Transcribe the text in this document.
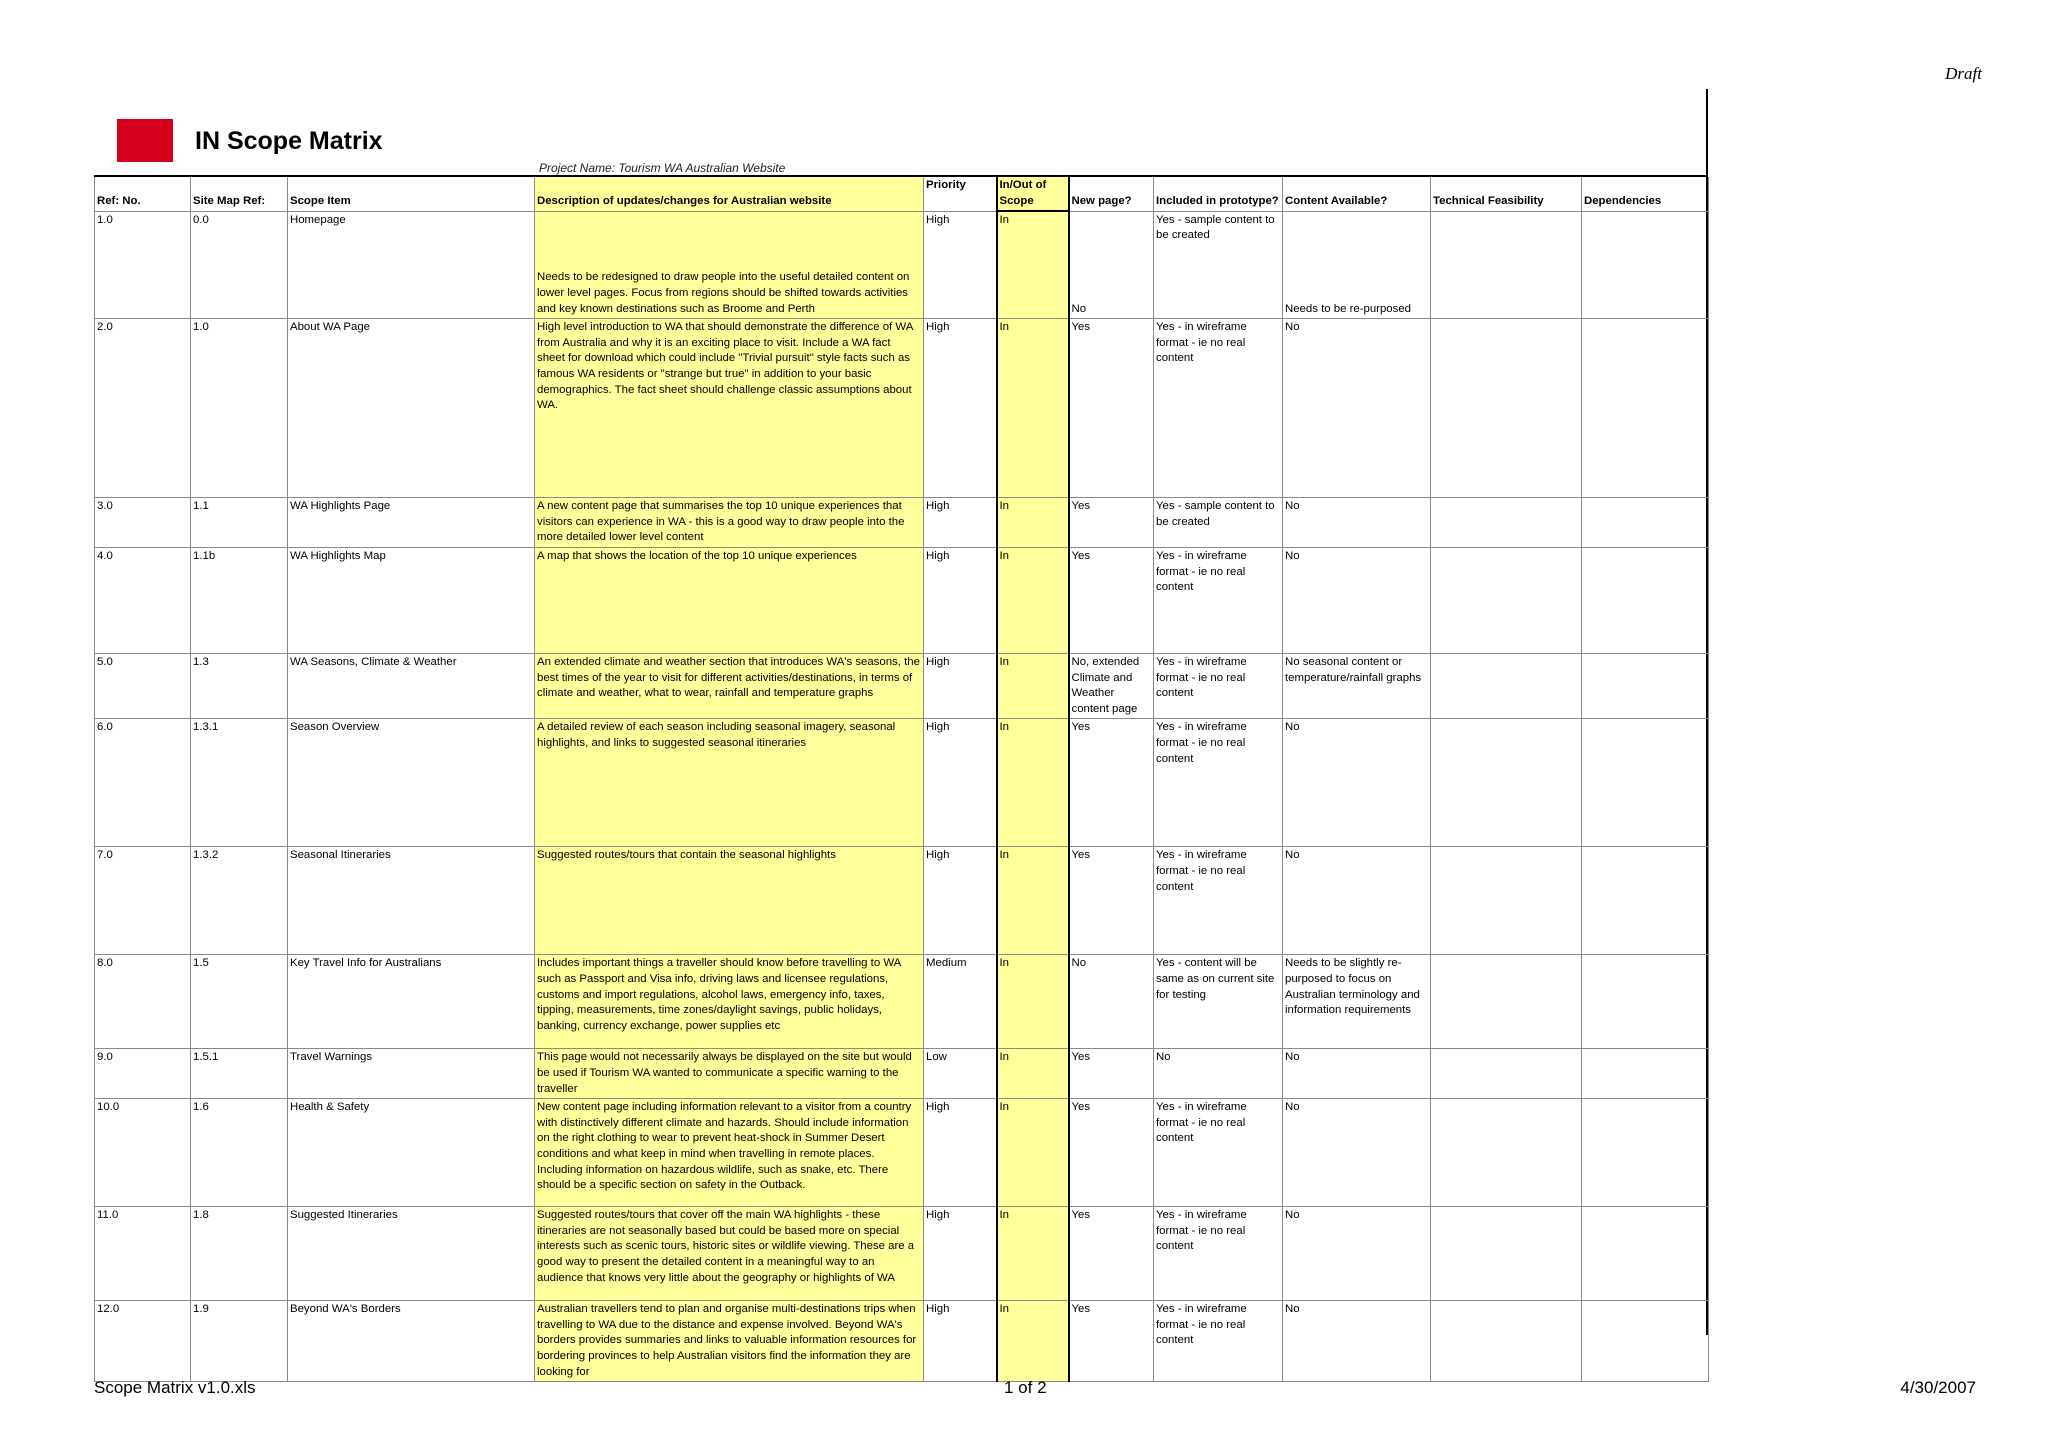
Draft
IN Scope Matrix
Project Name: Tourism WA Australian Website
Ref: No.	Site Map Ref:	Scope Item	Description of updates/changes for Australian website	Priority	In/Out of Scope	New page?	Included in prototype?	Content Available?	Technical Feasibility	Dependencies
1.0	0.0	Homepage	Needs to be redesigned to draw people into the useful detailed content on lower level pages. Focus from regions should be shifted towards activities and key known destinations such as Broome and Perth	High	In	No	Yes - sample content to be created	Needs to be re-purposed		
2.0	1.0	About WA Page	High level introduction to WA that should demonstrate the difference of WA from Australia and why it is an exciting place to visit. Include a WA fact sheet for download which could include "Trivial pursuit" style facts such as famous WA residents or "strange but true" in addition to your basic demographics. The fact sheet should challenge classic assumptions about WA.	High	In	Yes	Yes - in wireframe format - ie no real content	No		
3.0	1.1	WA Highlights Page	A new content page that summarises the top 10 unique experiences that visitors can experience in WA - this is a good way to draw people into the more detailed lower level content	High	In	Yes	Yes - sample content to be created	No		
4.0	1.1b	WA Highlights Map	A map that shows the location of the top 10 unique experiences	High	In	Yes	Yes - in wireframe format - ie no real content	No		
5.0	1.3	WA Seasons, Climate & Weather	An extended climate and weather section that introduces WA's seasons, the best times of the year to visit for different activities/destinations, in terms of climate and weather, what to wear, rainfall and temperature graphs	High	In	No, extended Climate and Weather content page	Yes - in wireframe format - ie no real content	No seasonal content or temperature/rainfall graphs		
6.0	1.3.1	Season Overview	A detailed review of each season including seasonal imagery, seasonal highlights, and links to suggested seasonal itineraries	High	In	Yes	Yes - in wireframe format - ie no real content	No		
7.0	1.3.2	Seasonal Itineraries	Suggested routes/tours that contain the seasonal highlights	High	In	Yes	Yes - in wireframe format - ie no real content	No		
8.0	1.5	Key Travel Info for Australians	Includes important things a traveller should know before travelling to WA such as Passport and Visa info, driving laws and licensee regulations, customs and import regulations, alcohol laws, emergency info, taxes, tipping, measurements, time zones/daylight savings, public holidays, banking, currency exchange, power supplies etc	Medium	In	No	Yes - content will be same as on current site for testing	Needs to be slightly re-purposed to focus on Australian terminology and information requirements		
9.0	1.5.1	Travel Warnings	This page would not necessarily always be displayed on the site but would be used if Tourism WA wanted to communicate a specific warning to the traveller	Low	In	Yes	No	No		
10.0	1.6	Health & Safety	New content page including information relevant to a visitor from a country with distinctively different climate and hazards. Should include information on the right clothing to wear to prevent heat-shock in Summer Desert conditions and what keep in mind when travelling in remote places. Including information on hazardous wildlife, such as snake, etc. There should be a specific section on safety in the Outback.	High	In	Yes	Yes - in wireframe format - ie no real content	No		
11.0	1.8	Suggested Itineraries	Suggested routes/tours that cover off the main WA highlights - these itineraries are not seasonally based but could be based more on special interests such as scenic tours, historic sites or wildlife viewing. These are a good way to present the detailed content in a meaningful way to an audience that knows very little about the geography or highlights of WA	High	In	Yes	Yes - in wireframe format - ie no real content	No		
12.0	1.9	Beyond WA's Borders	Australian travellers tend to plan and organise multi-destinations trips when travelling to WA due to the distance and expense involved. Beyond WA's borders provides summaries and links to valuable information resources for bordering provinces to help Australian visitors find the information they are looking for	High	In	Yes	Yes - in wireframe format - ie no real content	No		
Scope Matrix v1.0.xls	1 of 2	4/30/2007
